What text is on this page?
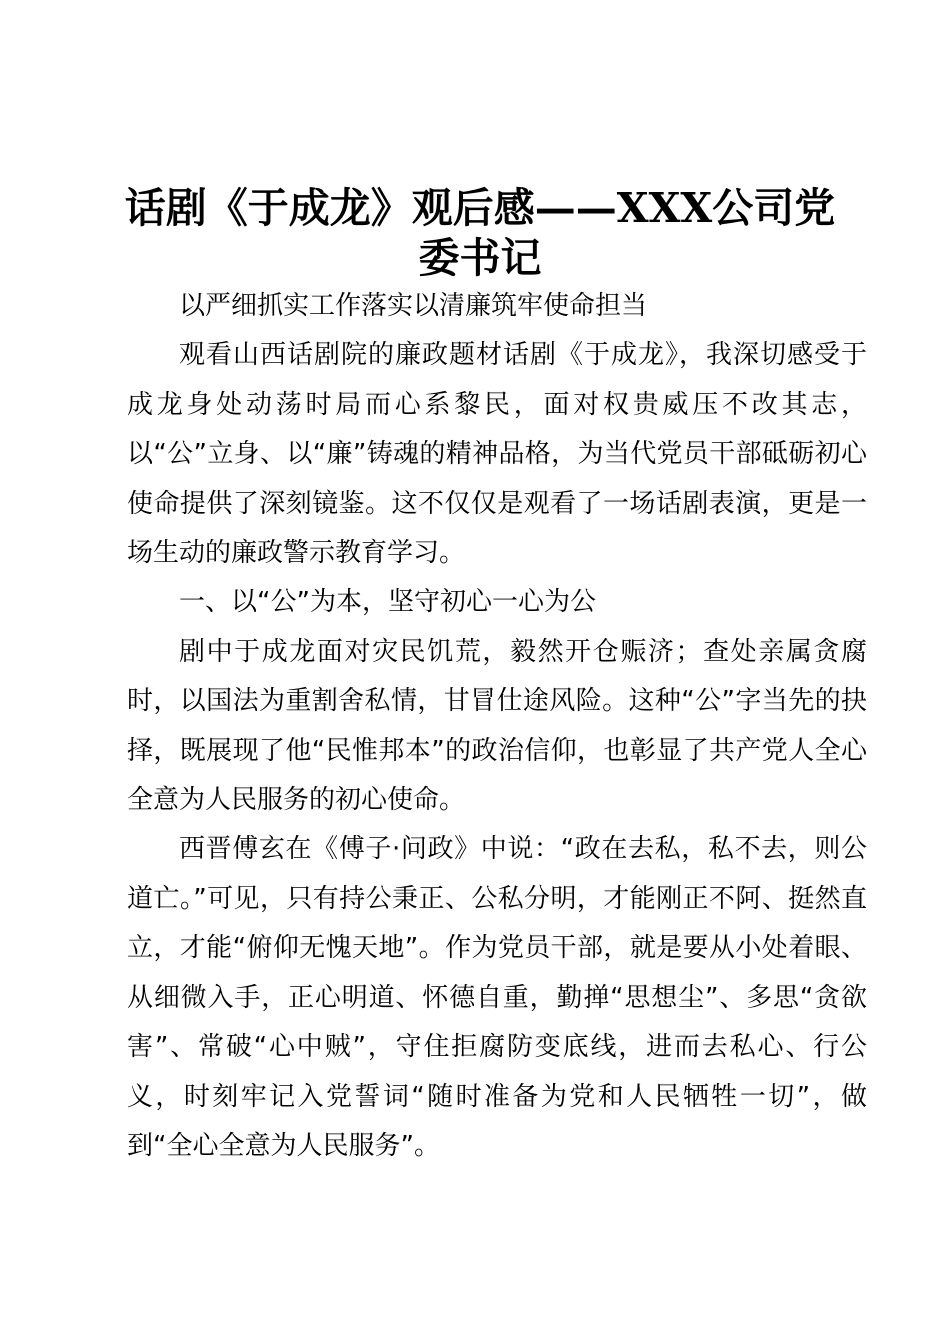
话剧《于成龙》观后感——XXX公司党
委书记

以严细抓实工作落实以清廉筑牢使命担当

观看山西话剧院的廉政题材话剧《于成龙》，我深切感受于成龙身处动荡时局而心系黎民，面对权贵威压不改其志，以“公”立身、以“廉”铸魂的精神品格，为当代党员干部砥砺初心使命提供了深刻镜鉴。这不仅仅是观看了一场话剧表演，更是一场生动的廉政警示教育学习。

一、以“公”为本，坚守初心一心为公

剧中于成龙面对灾民饥荒，毅然开仓赈济；查处亲属贪腐时，以国法为重割舍私情，甘冒仕途风险。这种“公”字当先的抉择，既展现了他“民惟邦本”的政治信仰，也彰显了共产党人全心全意为人民服务的初心使命。

西晋傅玄在《傅子·问政》中说：“政在去私，私不去，则公道亡。”可见，只有持公秉正、公私分明，才能刚正不阿、挺然直立，才能“俯仰无愧天地”。作为党员干部，就是要从小处着眼、从细微入手，正心明道、怀德自重，勤掸“思想尘”、多思“贪欲害”、常破“心中贼”，守住拒腐防变底线，进而去私心、行公义，时刻牢记入党誓词“随时准备为党和人民牺牲一切”，做到“全心全意为人民服务”。
